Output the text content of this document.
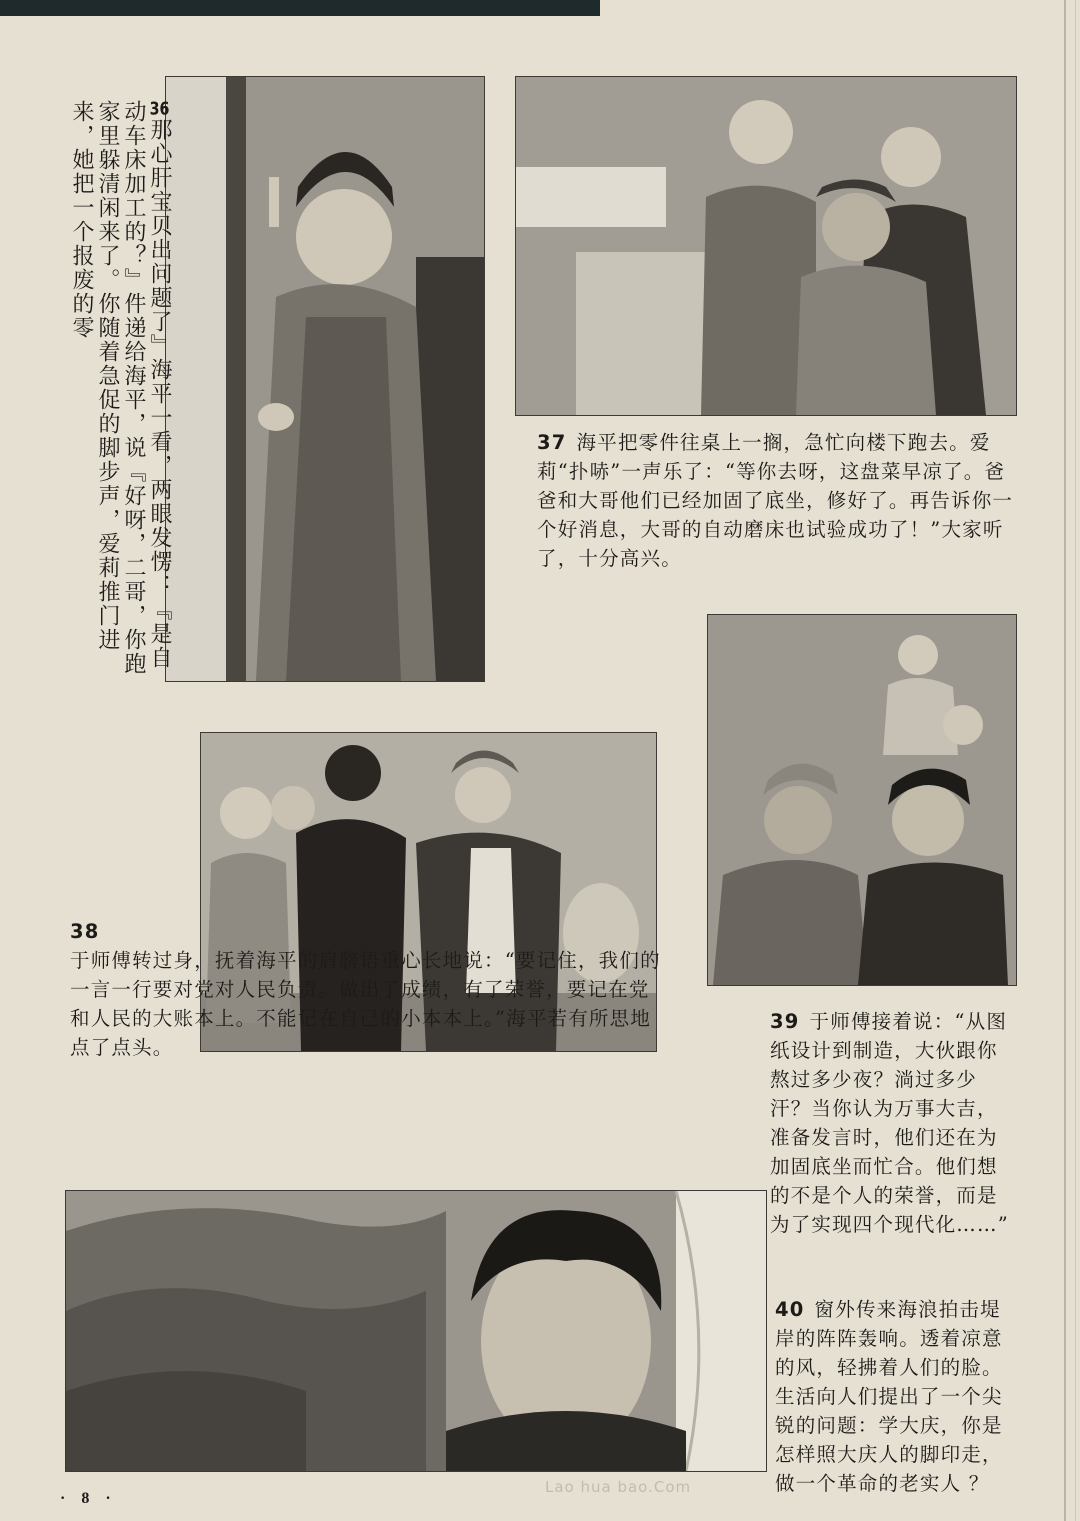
36那心肝宝贝出问题了』海平一看，两眼发愣：『是自动车床加工的？』件递给海平，说『好呀，二哥，你跑家里躲清闲来了。你随着急促的脚步声，爱莉推门进来，她把一个报废的零
37 海平把零件往桌上一搁，急忙向楼下跑去。爱莉“扑哧”一声乐了：“等你去呀，这盘菜早凉了。爸爸和大哥他们已经加固了底坐，修好了。再告诉你一个好消息，大哥的自动磨床也试验成功了！”大家听了，十分高兴。
38
于师傅转过身，抚着海平的肩膀语重心长地说：“要记住，我们的一言一行要对党对人民负责。做出了成绩，有了荣誉，要记在党和人民的大账本上。不能记在自己的小本本上。”海平若有所思地点了点头。
39 于师傅接着说：“从图纸设计到制造，大伙跟你熬过多少夜？淌过多少汗？当你认为万事大吉，准备发言时，他们还在为加固底坐而忙合。他们想的不是个人的荣誉，而是为了实现四个现代化……”
40 窗外传来海浪拍击堤岸的阵阵轰响。透着凉意的风，轻拂着人们的脸。生活向人们提出了一个尖锐的问题：学大庆，你是怎样照大庆人的脚印走，做一个革命的老实人 ？
· 8 ·
Lao hua bao.Com
